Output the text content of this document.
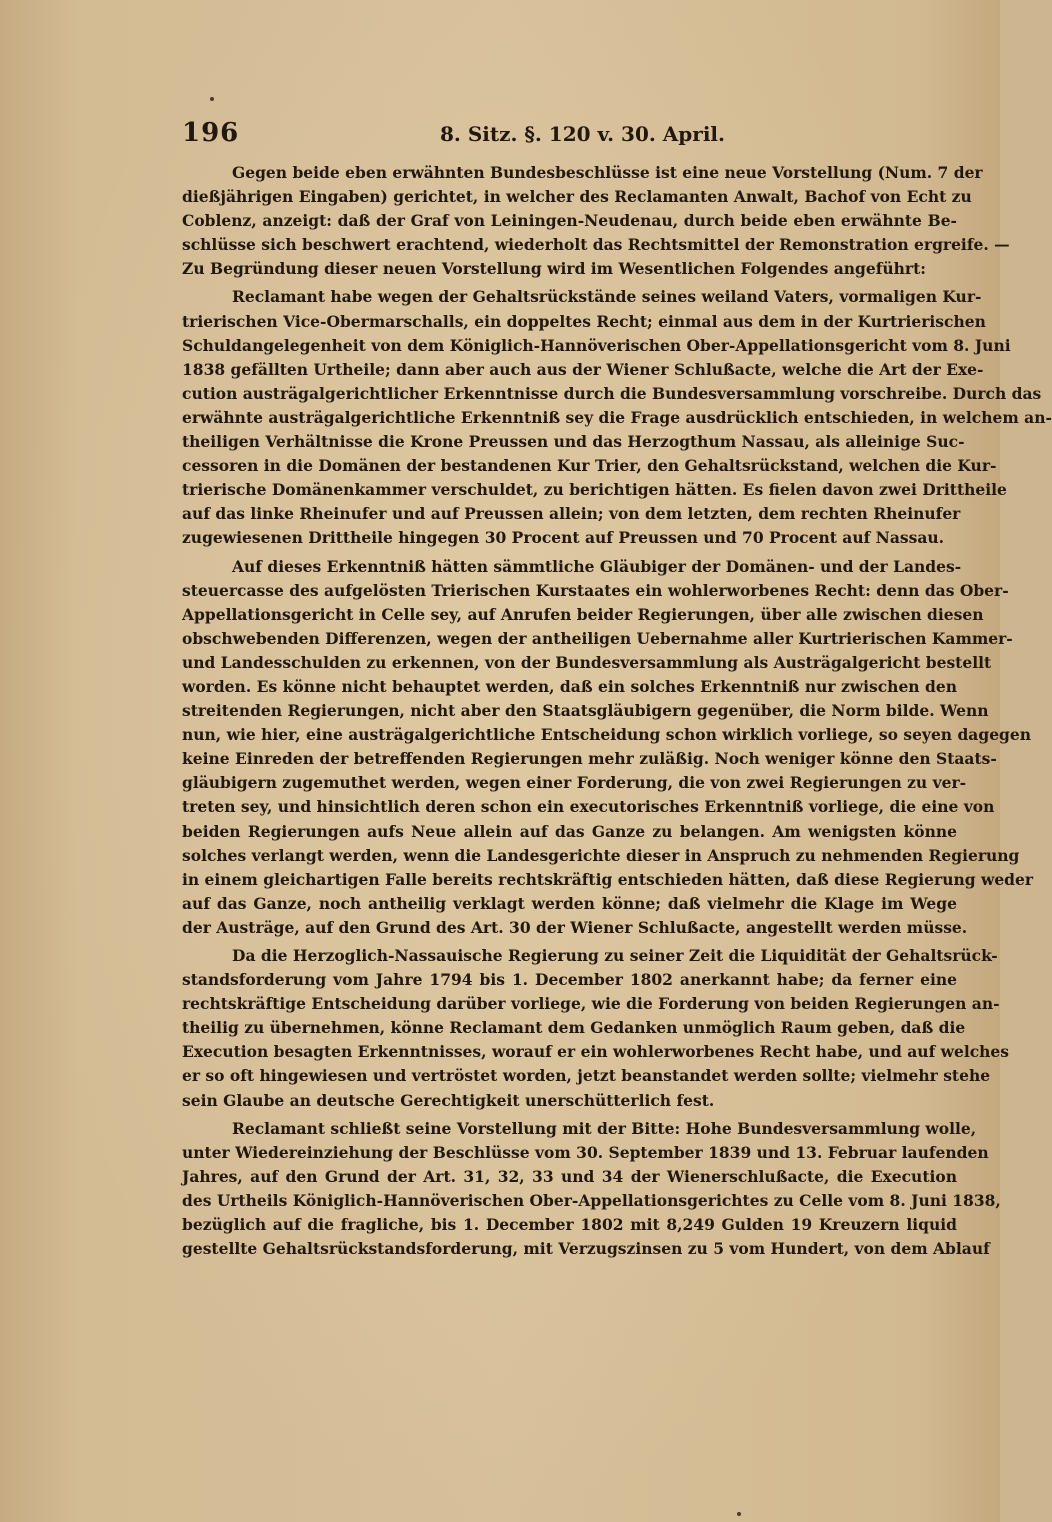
196	8. Sitz. §. 120 v. 30. April.
Gegen beide eben erwähnten Bundesbeschlüsse ist eine neue Vorstellung (Num. 7 der
dießjährigen Eingaben) gerichtet, in welcher des Reclamanten Anwalt, Bachof von Echt zu
Coblenz, anzeigt: daß der Graf von Leiningen-Neudenau, durch beide eben erwähnte Be-
schlüsse sich beschwert erachtend, wiederholt das Rechtsmittel der Remonstration ergreife. —
Zu Begründung dieser neuen Vorstellung wird im Wesentlichen Folgendes angeführt:
Reclamant habe wegen der Gehaltsrückstände seines weiland Vaters, vormaligen Kur-
trierischen Vice-Obermarschalls, ein doppeltes Recht; einmal aus dem in der Kurtrierischen
Schuldangelegenheit von dem Königlich-Hannöverischen Ober-Appellationsgericht vom 8. Juni
1838 gefällten Urtheile; dann aber auch aus der Wiener Schlußacte, welche die Art der Exe-
cution austrägalgerichtlicher Erkenntnisse durch die Bundesversammlung vorschreibe. Durch das
erwähnte austrägalgerichtliche Erkenntniß sey die Frage ausdrücklich entschieden, in welchem an-
theiligen Verhältnisse die Krone Preussen und das Herzogthum Nassau, als alleinige Suc-
cessoren in die Domänen der bestandenen Kur Trier, den Gehaltsrückstand, welchen die Kur-
trierische Domänenkammer verschuldet, zu berichtigen hätten. Es fielen davon zwei Drittheile
auf das linke Rheinufer und auf Preussen allein; von dem letzten, dem rechten Rheinufer
zugewiesenen Drittheile hingegen 30 Procent auf Preussen und 70 Procent auf Nassau.
Auf dieses Erkenntniß hätten sämmtliche Gläubiger der Domänen- und der Landes-
steuercasse des aufgelösten Trierischen Kurstaates ein wohlerworbenes Recht: denn das Ober-
Appellationsgericht in Celle sey, auf Anrufen beider Regierungen, über alle zwischen diesen
obschwebenden Differenzen, wegen der antheiligen Uebernahme aller Kurtrierischen Kammer-
und Landesschulden zu erkennen, von der Bundesversammlung als Austrägalgericht bestellt
worden. Es könne nicht behauptet werden, daß ein solches Erkenntniß nur zwischen den
streitenden Regierungen, nicht aber den Staatsgläubigern gegenüber, die Norm bilde. Wenn
nun, wie hier, eine austrägalgerichtliche Entscheidung schon wirklich vorliege, so seyen dagegen
keine Einreden der betreffenden Regierungen mehr zuläßig. Noch weniger könne den Staats-
gläubigern zugemuthet werden, wegen einer Forderung, die von zwei Regierungen zu ver-
treten sey, und hinsichtlich deren schon ein executorisches Erkenntniß vorliege, die eine von
beiden Regierungen aufs Neue allein auf das Ganze zu belangen. Am wenigsten könne
solches verlangt werden, wenn die Landesgerichte dieser in Anspruch zu nehmenden Regierung
in einem gleichartigen Falle bereits rechtskräftig entschieden hätten, daß diese Regierung weder
auf das Ganze, noch antheilig verklagt werden könne; daß vielmehr die Klage im Wege
der Austräge, auf den Grund des Art. 30 der Wiener Schlußacte, angestellt werden müsse.
Da die Herzoglich-Nassauische Regierung zu seiner Zeit die Liquidität der Gehaltsrück-
standsforderung vom Jahre 1794 bis 1. December 1802 anerkannt habe; da ferner eine
rechtskräftige Entscheidung darüber vorliege, wie die Forderung von beiden Regierungen an-
theilig zu übernehmen, könne Reclamant dem Gedanken unmöglich Raum geben, daß die
Execution besagten Erkenntnisses, worauf er ein wohlerworbenes Recht habe, und auf welches
er so oft hingewiesen und vertröstet worden, jetzt beanstandet werden sollte; vielmehr stehe
sein Glaube an deutsche Gerechtigkeit unerschütterlich fest.
Reclamant schließt seine Vorstellung mit der Bitte: Hohe Bundesversammlung wolle,
unter Wiedereinziehung der Beschlüsse vom 30. September 1839 und 13. Februar laufenden
Jahres, auf den Grund der Art. 31, 32, 33 und 34 der Wienerschlußacte, die Execution
des Urtheils Königlich-Hannöverischen Ober-Appellationsgerichtes zu Celle vom 8. Juni 1838,
bezüglich auf die fragliche, bis 1. December 1802 mit 8,249 Gulden 19 Kreuzern liquid
gestellte Gehaltsrückstandsforderung, mit Verzugszinsen zu 5 vom Hundert, von dem Ablauf
